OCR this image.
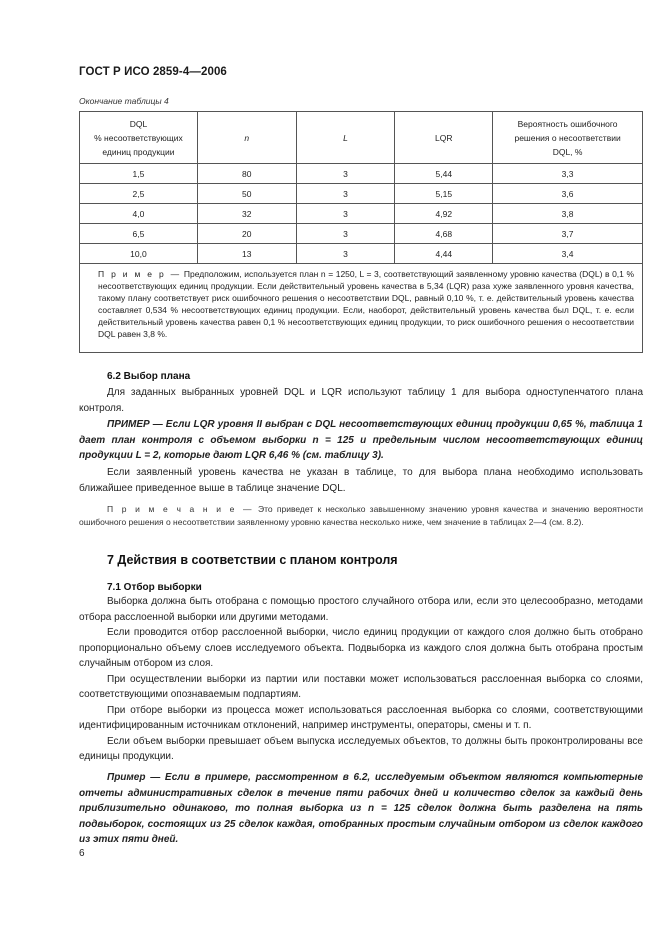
ГОСТ Р ИСО 2859-4—2006
Окончание таблицы 4
DQL
% несоответствующих
единиц продукции	n	L	LQR	Вероятность ошибочного
решения о несоответствии
DQL, %
1,5	80	3	5,44	3,3
2,5	50	3	5,15	3,6
4,0	32	3	4,92	3,8
6,5	20	3	4,68	3,7
10,0	13	3	4,44	3,4
П р и м е р — Предположим, используется план n = 1250, L = 3, соответствующий заявленному уровню качества (DQL) в 0,1 % несоответствующих единиц продукции. Если действительный уровень качества в 5,34 (LQR) раза хуже заявленного уровня качества, такому плану соответствует риск ошибочного решения о несоответствии DQL, равный 0,10 %, т. е. действительный уровень качества составляет 0,534 % несоответствующих единиц продукции. Если, наоборот, действительный уровень качества был DQL, т. е. если действительный уровень качества равен 0,1 % несоответствующих единиц продукции, то риск ошибочного решения о несоответствии DQL равен 3,8 %.				
6.2 Выбор плана

Для заданных выбранных уровней DQL и LQR используют таблицу 1 для выбора одноступенчатого плана контроля.

ПРИМЕР — Если LQR уровня II выбран с DQL несоответствующих единиц продукции 0,65 %, таблица 1 дает план контроля с объемом выборки n = 125 и предельным числом несоответствующих единиц продукции L = 2, которые дают LQR 6,46 % (см. таблицу 3).

Если заявленный уровень качества не указан в таблице, то для выбора плана необходимо использовать ближайшее приведенное выше в таблице значение DQL.

П р и м е ч а н и е — Это приведет к несколько завышенному значению уровня качества и значению вероятности ошибочного решения о несоответствии заявленному уровню качества несколько ниже, чем значение в таблицах 2—4 (см. 8.2).

7 Действия в соответствии с планом контроля
7.1 Отбор выборки

Выборка должна быть отобрана с помощью простого случайного отбора или, если это целесообразно, методами отбора расслоенной выборки или другими методами.

Если проводится отбор расслоенной выборки, число единиц продукции от каждого слоя должно быть отобрано пропорционально объему слоев исследуемого объекта. Подвыборка из каждого слоя должна быть отобрана простым случайным отбором из слоя.

При осуществлении выборки из партии или поставки может использоваться расслоенная выборка со слоями, соответствующими опознаваемым подпартиям.

При отборе выборки из процесса может использоваться расслоенная выборка со слоями, соответствующими идентифицированным источникам отклонений, например инструменты, операторы, смены и т. п.

Если объем выборки превышает объем выпуска исследуемых объектов, то должны быть проконтролированы все единицы продукции.

Пример — Если в примере, рассмотренном в 6.2, исследуемым объектом являются компьютерные отчеты административных сделок в течение пяти рабочих дней и количество сделок за каждый день приблизительно одинаково, то полная выборка из n = 125 сделок должна быть разделена на пять подвыборок, состоящих из 25 сделок каждая, отобранных простым случайным отбором из сделок каждого из этих пяти дней.

6
